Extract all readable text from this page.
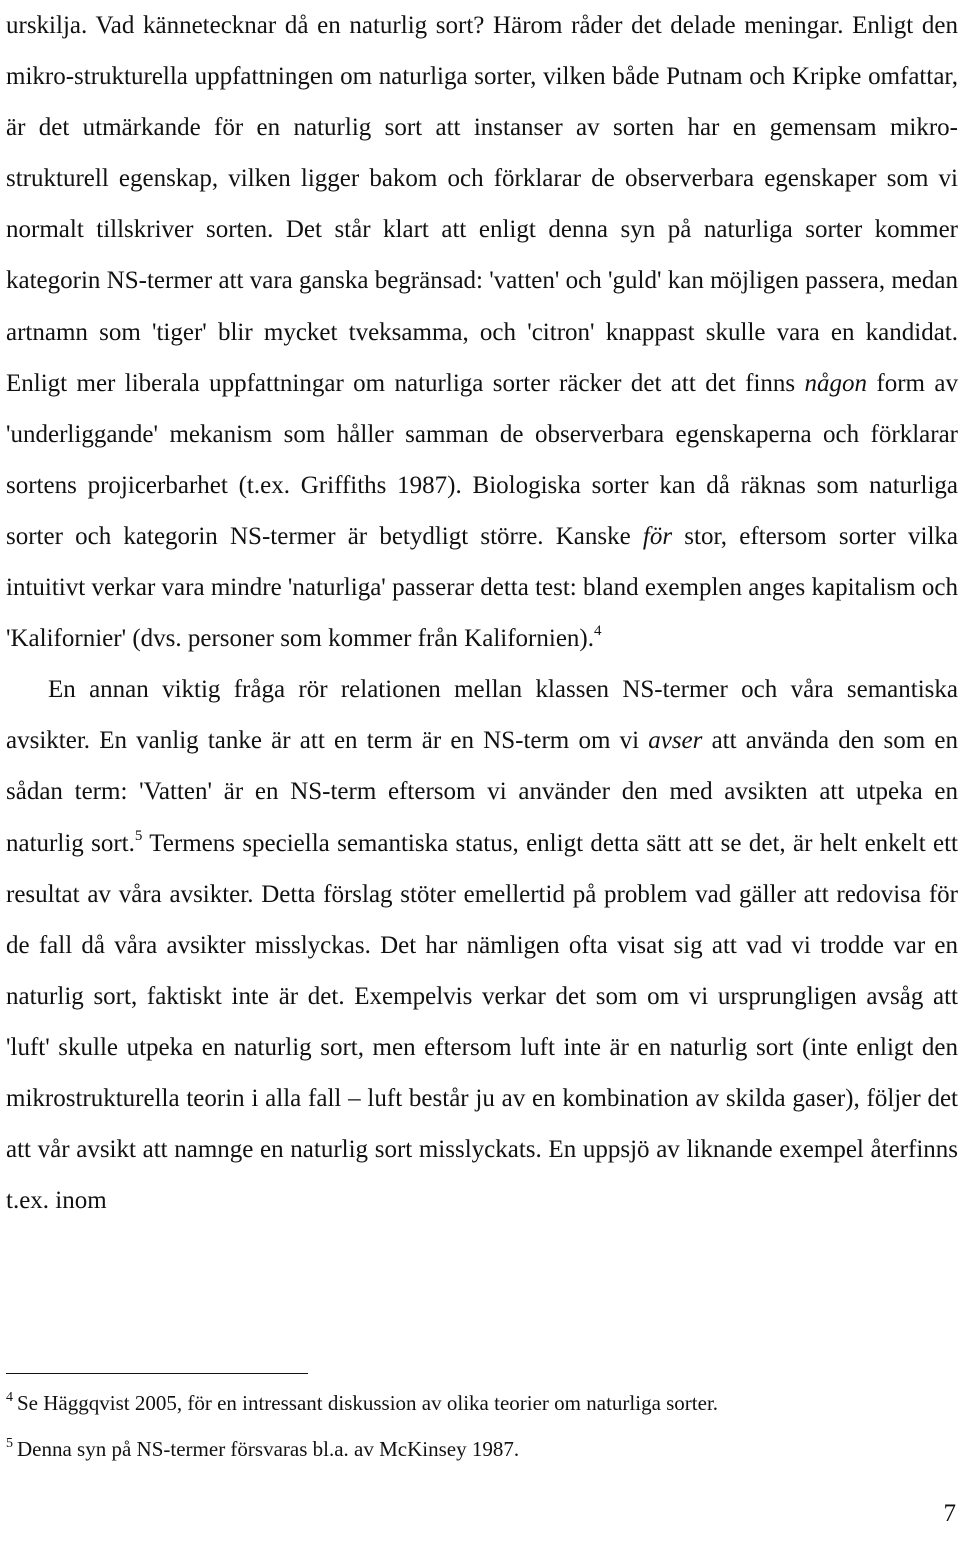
urskilja. Vad kännetecknar då en naturlig sort? Härom råder det delade meningar. Enligt den mikro-strukturella uppfattningen om naturliga sorter, vilken både Putnam och Kripke omfattar, är det utmärkande för en naturlig sort att instanser av sorten har en gemensam mikro-strukturell egenskap, vilken ligger bakom och förklarar de observerbara egenskaper som vi normalt tillskriver sorten. Det står klart att enligt denna syn på naturliga sorter kommer kategorin NS-termer att vara ganska begränsad: 'vatten' och 'guld' kan möjligen passera, medan artnamn som 'tiger' blir mycket tveksamma, och 'citron' knappast skulle vara en kandidat. Enligt mer liberala uppfattningar om naturliga sorter räcker det att det finns någon form av 'underliggande' mekanism som håller samman de observerbara egenskaperna och förklarar sortens projicerbarhet (t.ex. Griffiths 1987). Biologiska sorter kan då räknas som naturliga sorter och kategorin NS-termer är betydligt större. Kanske för stor, eftersom sorter vilka intuitivt verkar vara mindre 'naturliga' passerar detta test: bland exemplen anges kapitalism och 'Kalifornier' (dvs. personer som kommer från Kalifornien).$^4$

En annan viktig fråga rör relationen mellan klassen NS-termer och våra semantiska avsikter. En vanlig tanke är att en term är en NS-term om vi avser att använda den som en sådan term: 'Vatten' är en NS-term eftersom vi använder den med avsikten att utpeka en naturlig sort.$^5$ Termens speciella semantiska status, enligt detta sätt att se det, är helt enkelt ett resultat av våra avsikter. Detta förslag stöter emellertid på problem vad gäller att redovisa för de fall då våra avsikter misslyckas. Det har nämligen ofta visat sig att vad vi trodde var en naturlig sort, faktiskt inte är det. Exempelvis verkar det som om vi ursprungligen avsåg att 'luft' skulle utpeka en naturlig sort, men eftersom luft inte är en naturlig sort (inte enligt den mikrostrukturella teorin i alla fall – luft består ju av en kombination av skilda gaser), följer det att vår avsikt att namnge en naturlig sort misslyckats. En uppsjö av liknande exempel återfinns t.ex. inom

$^4$ Se Häggqvist 2005, för en intressant diskussion av olika teorier om naturliga sorter.

$^5$ Denna syn på NS-termer försvaras bl.a. av McKinsey 1987.

7
